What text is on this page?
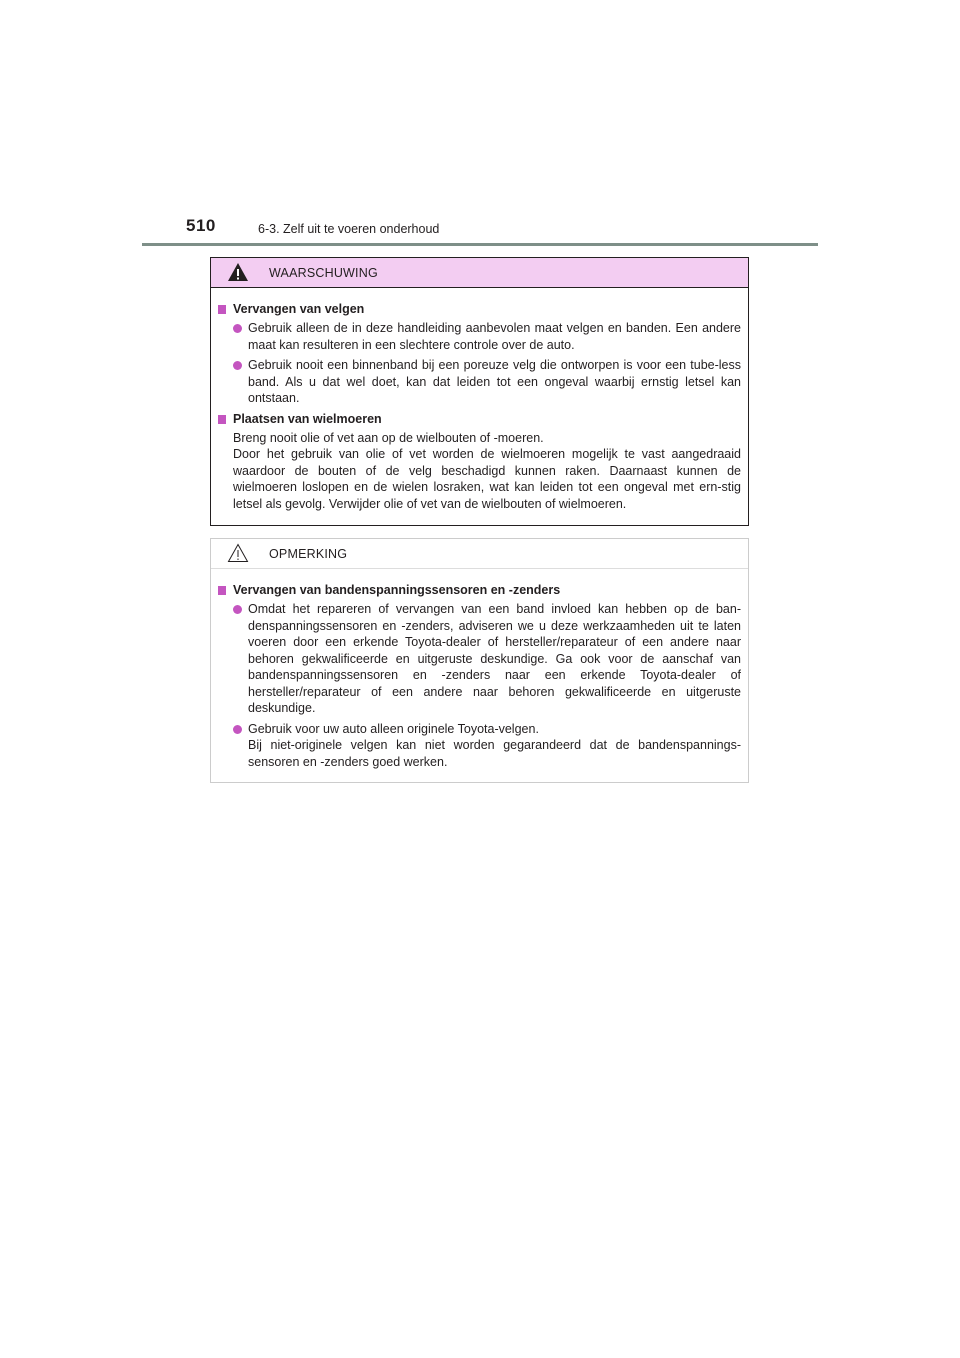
510	6-3. Zelf uit te voeren onderhoud
WAARSCHUWING
Vervangen van velgen
Gebruik alleen de in deze handleiding aanbevolen maat velgen en banden. Een andere maat kan resulteren in een slechtere controle over de auto.
Gebruik nooit een binnenband bij een poreuze velg die ontworpen is voor een tube-less band. Als u dat wel doet, kan dat leiden tot een ongeval waarbij ernstig letsel kan ontstaan.
Plaatsen van wielmoeren

Breng nooit olie of vet aan op de wielbouten of -moeren.

Door het gebruik van olie of vet worden de wielmoeren mogelijk te vast aangedraaid waardoor de bouten of de velg beschadigd kunnen raken. Daarnaast kunnen de wielmoeren loslopen en de wielen losraken, wat kan leiden tot een ongeval met ern-stig letsel als gevolg. Verwijder olie of vet van de wielbouten of wielmoeren.

OPMERKING
Vervangen van bandenspanningssensoren en -zenders
Omdat het repareren of vervangen van een band invloed kan hebben op de ban-denspanningssensoren en -zenders, adviseren we u deze werkzaamheden uit te laten voeren door een erkende Toyota-dealer of hersteller/reparateur of een andere naar behoren gekwalificeerde en uitgeruste deskundige. Ga ook voor de aanschaf van bandenspanningssensoren en -zenders naar een erkende Toyota-dealer of hersteller/reparateur of een andere naar behoren gekwalificeerde en uitgeruste deskundige.
Gebruik voor uw auto alleen originele Toyota-velgen.
Bij niet-originele velgen kan niet worden gegarandeerd dat de bandenspannings-sensoren en -zenders goed werken.
